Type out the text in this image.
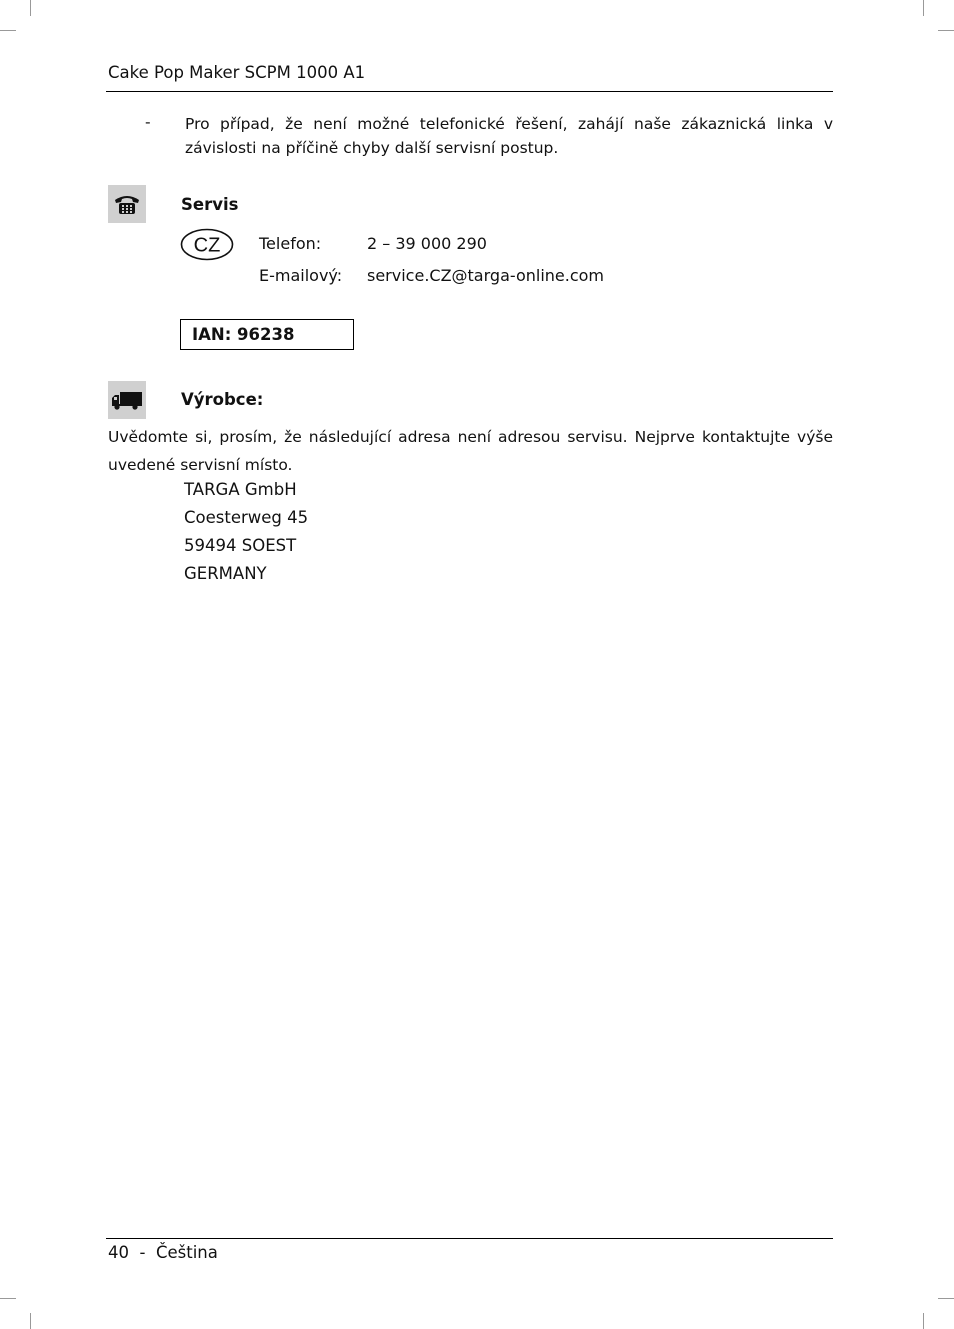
Cake Pop Maker SCPM 1000 A1
- Pro případ, že není možné telefonické řešení, zahájí naše zákaznická linka v závislosti na příčině chyby další servisní postup.
Servis
CZ Telefon:	2 – 39 000 290
E-mailový: service.CZ@targa-online.com
IAN: 96238
Výrobce:
Uvědomte si, prosím, že následující adresa není adresou servisu. Nejprve kontaktujte výše uvedené servisní místo.
TARGA GmbH
Coesterweg 45
59494 SOEST
GERMANY
40 - Čeština
